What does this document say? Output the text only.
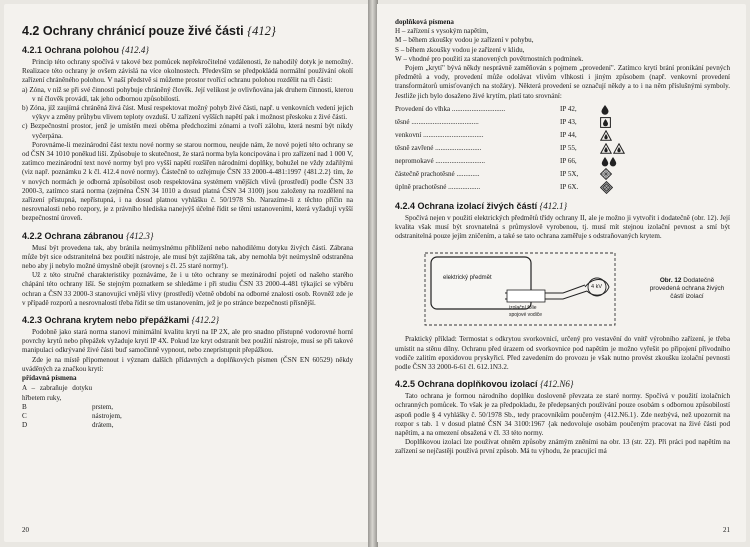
4.2 Ochrany chránicí pouze živé části {412}
4.2.1 Ochrana polohou {412.4}

Princip této ochrany spočívá v takové bez pomůcek nepřekročitelné vzdálenosti, že nahodilý dotyk je nemožný. Realizace této ochrany je ovšem závislá na více okolnostech. Především se předpokládá normální používání okolí zařízení chráněného polohou. V naší předstvě si můžeme prostor tvořící ochranu polohou rozdělit na tři části:

a) Zóna, v níž se při své činnosti pohybuje chráněný člověk. Její velikost je ovlivňována jak druhem činnosti, kterou v ní člověk provádí, tak jeho odbornou způsobilostí.

b) Zóna, jíž zaujímá chráněná živá část. Musí respektovat možný pohyb živé části, např. u venkovních vedení jejich výkyv a změny průhybu vlivem teploty ovzduší. U zařízení vyšších napětí pak i možnost přeskoku z živé části.

c) Bezpečnostní prostor, jenž je umístěn mezi oběma předchozími zónami a tvoří zálohu, která nesmí být nikdy vyčerpána.

Porovnáme-li mezinárodní část textu nové normy se starou normou, neujde nám, že nové pojetí této ochrany se od ČSN 34 1010 poněkud liší. Způsobuje to skutečnost, že stará norma byla koncipována i pro zařízení nad 1 000 V, zatímco mezinárodní text nové normy byl pro vyšší napětí rozšířen národními doplňky, bohužel ne vždy zdařilými (viz např. poznámku 2 k čl. 412.4 nové normy). Částečně to ozřejmuje ČSN 33 2000-4-481:1997 {481.2.2} tím, že v nových normách je odborná způsobilost osob respektována systémem vnějších vlivů (prostředí) podle ČSN 33 2000-3, zatímco stará norma (zejména ČSN 34 1010 a dosud platná ČSN 34 3100) jsou založeny na rozdělení na zařízení přístupná, nepřístupná, i na dosud platnou vyhlášku č. 50/1978 Sb. Narazíme-li z těchto příčin na nesrovnalosti nebo rozpory, je z právního hlediska nanejvýš účelné řídit se těmi ustanoveními, která vyžadují vyšší bezpečnostní úroveň.

4.2.2 Ochrana zábranou {412.3}

Musí být provedena tak, aby bránila neúmyslnému přiblížení nebo nahodilému dotyku živých částí. Zábrana může být sice odstranitelná bez použití nástroje, ale musí být zajištěna tak, aby nemohla být neúmyslně odstraněna nebo aby ji nebylo možné úmyslně obejít (srovnej s čl. 25 staré normy!).

Už z této stručné charakteristiky poznáváme, že i u této ochrany se mezinárodní pojetí od našeho starého chápání této ochrany liší. Se stejným poznatkem se shledáme i při studiu ČSN 33 2000-4-481 týkající se výběru ochran a ČSN 33 2000-3 stanovující vnější vlivy (prostředí) včetně období na odborné znalosti osob. Rovněž zde je v případě rozporů a nesrovnalostí třeba řídit se tím ustanovením, jež je po stránce bezpečnosti přísnější.

4.2.3 Ochrana krytem nebo přepážkami {412.2}

Podobně jako stará norma stanoví minimální kvalitu krytí na IP 2X, ale pro snadno přístupné vodorovné horní povrchy krytů nebo přepážek vyžaduje krytí IP 4X. Pokud lze kryt odstranit bez použití nástroje, musí se při takové manipulaci odkrývané živé části buď samočinně vypnout, nebo zneprístupnit přepážkou.

Zde je na místě připomenout i význam dalších přídavných a doplňkových písmen (ČSN EN 60529) někdy uváděných za značkou krytí:

přídavná písmena

A – zabraňuje dotyku hřbetem ruky,
B	prstem,
C	nástrojem,
D	drátem,
20

doplňková písmena

H – zařízení s vysokým napětím,

M – během zkoušky vodou je zařízení v pohybu,

S – během zkoušky vodou je zařízení v klidu,

W – vhodné pro použití za stanovených povětrnostních podmínek.

Pojem „krytí" bývá někdy nesprávně zaměňován s pojmem „provedení". Zatímco krytí brání pronikání pevných předmětů a vody, provedení může odolávat vlivům vlhkosti i jiným způsobem (např. venkovní provedení transformátorů umisťovaných na stožáry). Některá provedení se označují někdy a to i na něm příslušnými symboly. Jestliže jich bylo dosaženo živé krytím, platí tato srovnání:

Provedení do vlhka ..............................	IP 42,
těsné ......................................	IP 43,
venkovní ..................................	IP 44,
těsně zavřené ..........................	IP 55,
nepromokavé ............................	IP 66,
částečně prachotěsné .............	IP 5X,
úplně prachotěsné ..................	IP 6X.
4.2.4 Ochrana izolací živých částí {412.1}

Spočívá nejen v použití elektrických předmětů třídy ochrany II, ale je možno ji vytvořit i dodatečně (obr. 12). Její kvalita však musí být srovnatelná s průmyslově vyrobenou, tj. musí mít stejnou izolační pevnost a smí být odstranitelná pouze jejím zničením, a také se tato ochrana zaměřuje s odstraňovaných krytem.

elektrický předmět
izolační fólie
spojové vodiče
4 kV
Obr. 12 Dodatečně provedená ochrana živých částí izolací

Praktický příklad: Termostat s odkrytou svorkovnicí, určený pro vestavění do vnitř výrobního zařízení, je třeba umístit na stěnu dílny. Ochranu před úrazem od svorkovnice pod napětím je možno vyřešit po připojení přívodního vodiče zalitím epoxidovou pryskyřicí. Před zavedením do provozu je však nutno provést zkoušku izolační pevnosti podle ČSN 33 2000-6-61 čl. 612.1N3.2.

4.2.5 Ochrana doplňkovou izolací {412.N6}

Tato ochrana je formou národního doplňku dosloveně převzata ze staré normy. Spočívá v použití izolačních ochranných pomůcek. To však je za předpokladu, že předepsaných používání pouze osobám s odbornou způsobilostí aspoň podle § 4 vyhlášky č. 50/1978 Sb., tedy pracovníkům poučeným {412.N6.1}. Zde nezbývá, než upozornit na rozpor s tab. 1 v dosud platné ČSN 34 3100:1967 {ak nedovoluje osobám poučeným pracovat na živé části pod napětím, a na omezení obsažená v čl. 33 této normy.

Doplňkovou izolaci lze používat ohněm způsoby známým zněními na obr. 13 (str. 22). Při práci pod napětím na zařízení se nejčastěji používá první způsob. Má tu výhodu, že pracující má

21
